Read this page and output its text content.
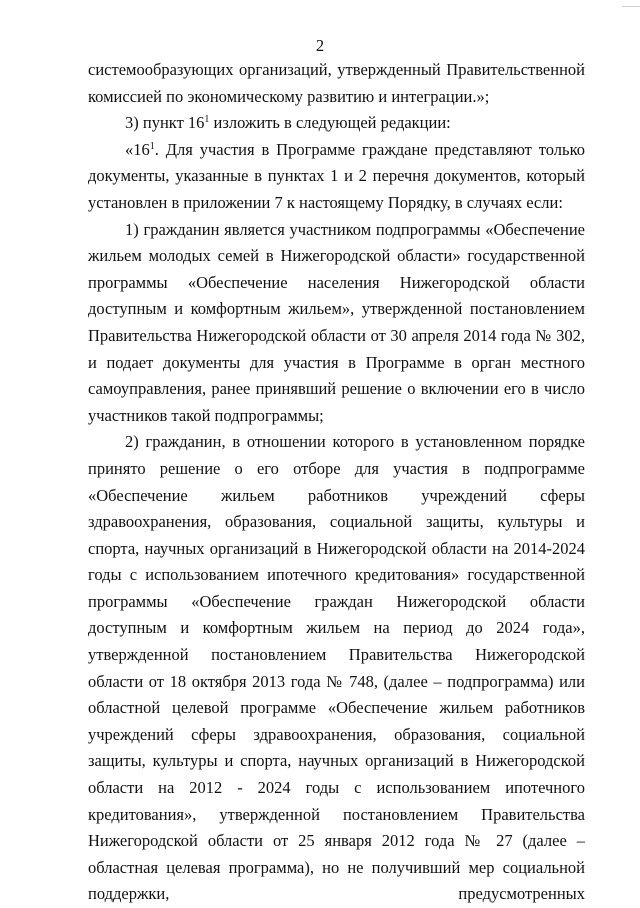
2

системообразующих организаций, утвержденный Правительственной комиссией по экономическому развитию и интеграции.»;

3) пункт $16^1$ изложить в следующей редакции:

«$16^1$. Для участия в Программе граждане представляют только документы, указанные в пунктах 1 и 2 перечня документов, который установлен в приложении 7 к настоящему Порядку, в случаях если:

1) гражданин является участником подпрограммы «Обеспечение жильем молодых семей в Нижегородской области» государственной программы «Обеспечение населения Нижегородской области доступным и комфортным жильем», утвержденной постановлением Правительства Нижегородской области от 30 апреля 2014 года № 302, и подает документы для участия в Программе в орган местного самоуправления, ранее принявший решение о включении его в число участников такой подпрограммы;

2) гражданин, в отношении которого в установленном порядке принято решение о его отборе для участия в подпрограмме «Обеспечение жильем работников учреждений сферы здравоохранения, образования, социальной защиты, культуры и спорта, научных организаций в Нижегородской области на 2014-2024 годы с использованием ипотечного кредитования» государственной программы «Обеспечение граждан Нижегородской области доступным и комфортным жильем на период до 2024 года», утвержденной постановлением Правительства Нижегородской области от 18 октября 2013 года № 748, (далее – подпрограмма) или областной целевой программе «Обеспечение жильем работников учреждений сферы здравоохранения, образования, социальной защиты, культуры и спорта, научных организаций в Нижегородской области на 2012 - 2024 годы с использованием ипотечного кредитования», утвержденной постановлением Правительства Нижегородской области от 25 января 2012 года № 27 (далее – областная целевая программа), но не получивший мер социальной поддержки, предусмотренных
